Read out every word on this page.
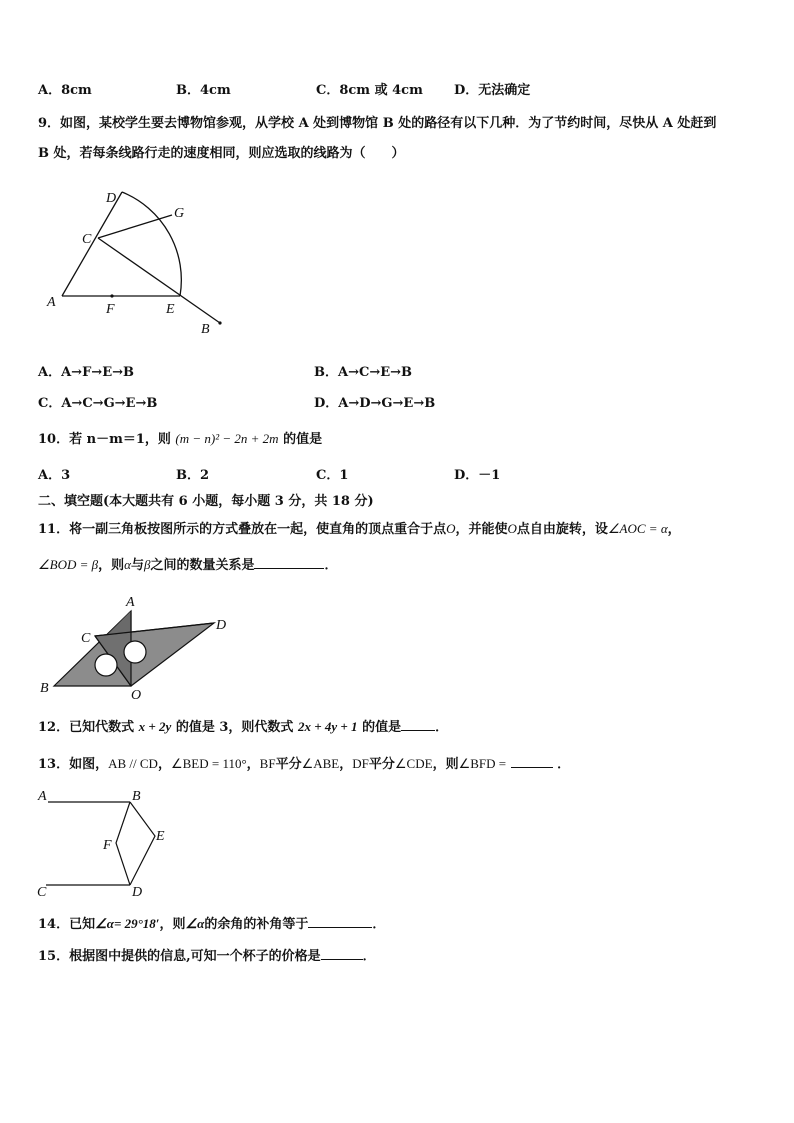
A．8cm	B．4cm	C．8cm 或 4cm D．无法确定
9．如图，某校学生要去博物馆参观，从学校 A 处到博物馆 B 处的路径有以下几种．为了节约时间，尽快从 A 处赶到
B 处，若每条线路行走的速度相同，则应选取的线路为（　　）
D
G
C
A	F	E
B
A．A→F→E→B	B．A→C→E→B
C．A→C→G→E→B	D．A→D→G→E→B
10．若 n－m＝1，则 (m − n)² − 2n + 2m 的值是
A．3	B．2	C．1	D．－1
二、填空题(本大题共有 6 小题，每小题 3 分，共 18 分)
11．将一副三角板按图所示的方式叠放在一起，使直角的顶点重合于点O，并能使O点自由旋转，设∠AOC = α，
∠BOD = β，则α与β之间的数量关系是	．
A
C
D
B	O
12．已知代数式 x + 2y 的值是 3，则代数式 2x + 4y + 1 的值是	．
13．如图，AB // CD，∠BED = 110°，BF平分∠ABE，DF平分∠CDE，则∠BFD =	．
A	B
F
E
C	D
14．已知∠α= 29°18′，则∠α的余角的补角等于	．
15．根据图中提供的信息,可知一个杯子的价格是	．
